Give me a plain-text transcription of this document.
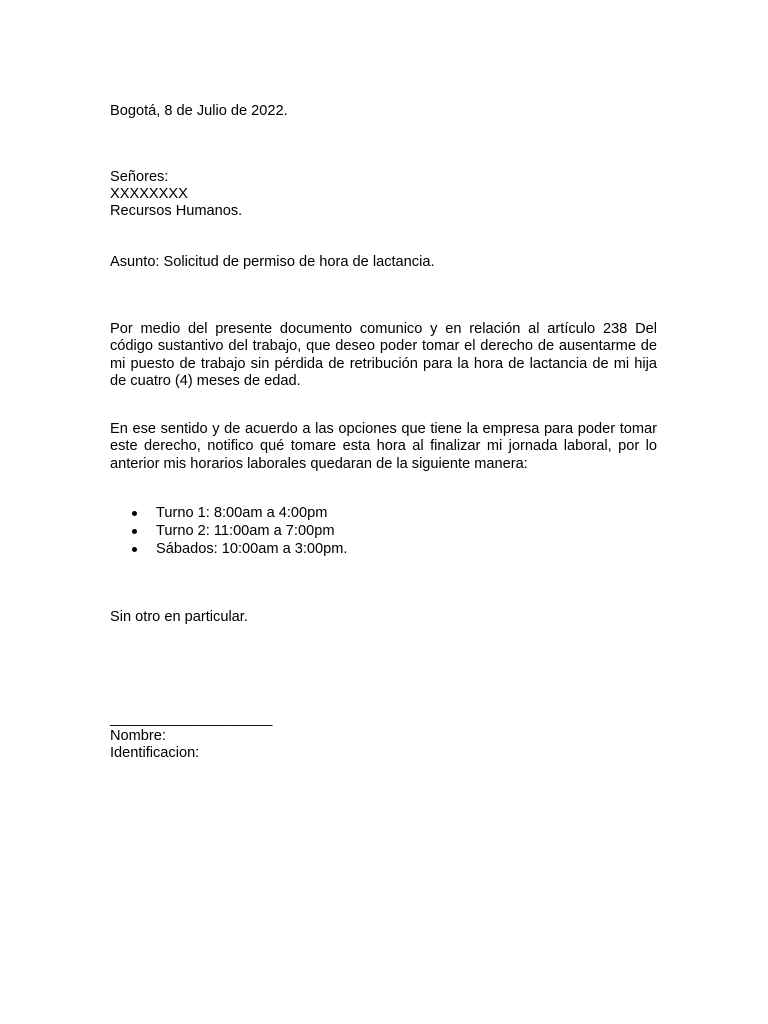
Bogotá, 8 de Julio de 2022.
Señores:
XXXXXXXX
Recursos Humanos.
Asunto: Solicitud de permiso de hora de lactancia.
Por medio del presente documento comunico y en relación al artículo 238 Del código sustantivo del trabajo, que deseo poder tomar el derecho de ausentarme de mi puesto de trabajo sin pérdida de retribución para la hora de lactancia de mi hija de cuatro (4) meses de edad.
En ese sentido y de acuerdo a las opciones que tiene la empresa para poder tomar este derecho, notifico qué tomare esta hora al finalizar mi jornada laboral, por lo anterior mis horarios laborales quedaran de la siguiente manera:
Turno 1: 8:00am a 4:00pm
Turno 2: 11:00am a 7:00pm
Sábados: 10:00am a 3:00pm.
Sin otro en particular.
____________________
Nombre:
Identificacion:
